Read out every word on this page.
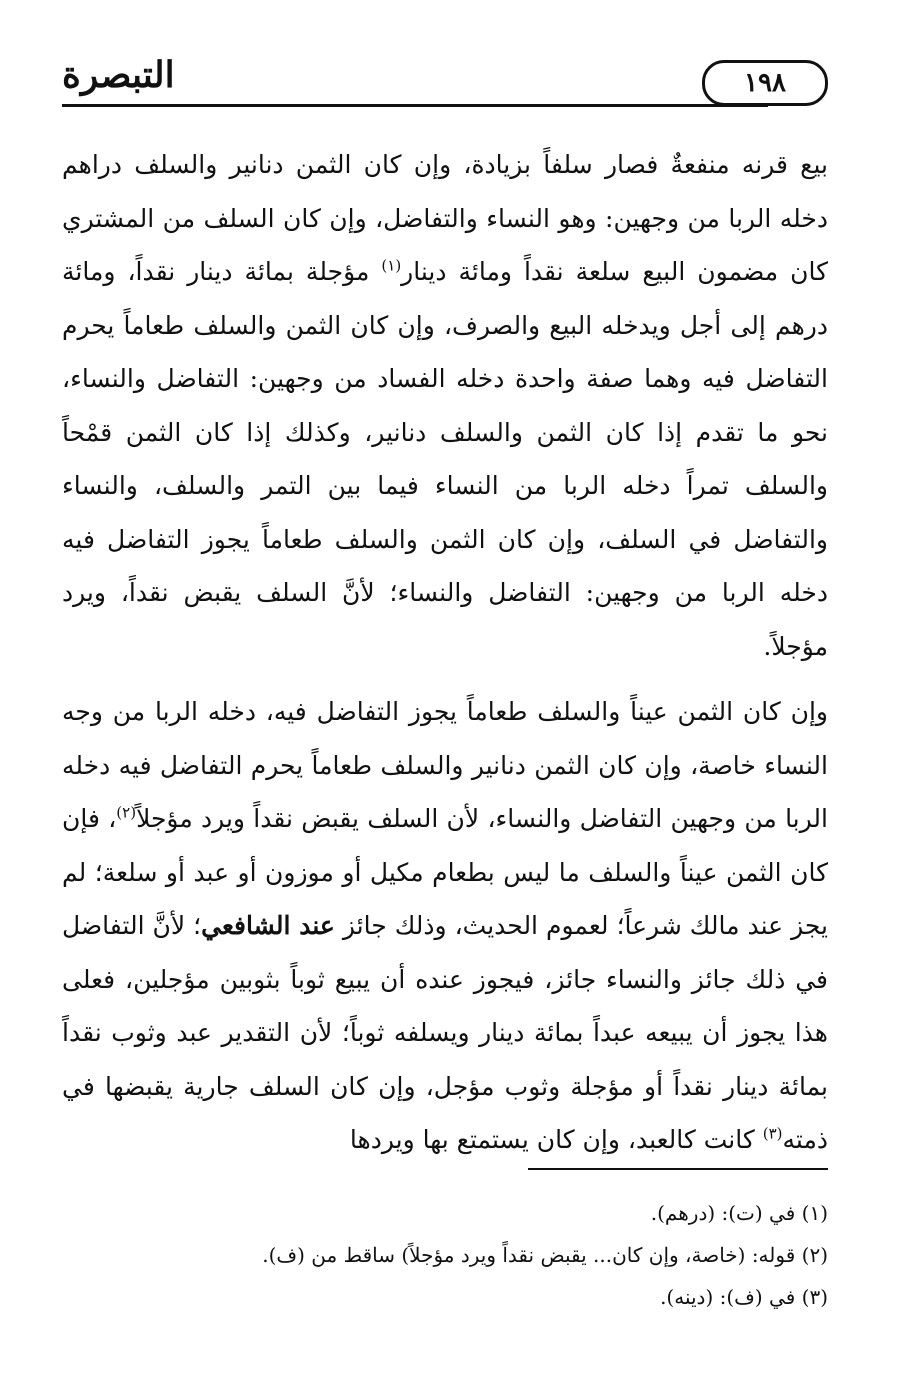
١٩٨
التبصرة

بيع قرنه منفعةٌ فصار سلفاً بزيادة، وإن كان الثمن دنانير والسلف دراهم دخله الربا من وجهين: وهو النساء والتفاضل، وإن كان السلف من المشتري كان مضمون البيع سلعة نقداً ومائة دينار$^{(١)}$ مؤجلة بمائة دينار نقداً، ومائة درهم إلى أجل ويدخله البيع والصرف، وإن كان الثمن والسلف طعاماً يحرم التفاضل فيه وهما صفة واحدة دخله الفساد من وجهين: التفاضل والنساء، نحو ما تقدم إذا كان الثمن والسلف دنانير، وكذلك إذا كان الثمن قمْحاً والسلف تمراً دخله الربا من النساء فيما بين التمر والسلف، والنساء والتفاضل في السلف، وإن كان الثمن والسلف طعاماً يجوز التفاضل فيه دخله الربا من وجهين: التفاضل والنساء؛ لأنَّ السلف يقبض نقداً، ويرد مؤجلاً.

وإن كان الثمن عيناً والسلف طعاماً يجوز التفاضل فيه، دخله الربا من وجه النساء خاصة، وإن كان الثمن دنانير والسلف طعاماً يحرم التفاضل فيه دخله الربا من وجهين التفاضل والنساء، لأن السلف يقبض نقداً ويرد مؤجلاً$^{(٢)}$، فإن كان الثمن عيناً والسلف ما ليس بطعام مكيل أو موزون أو عبد أو سلعة؛ لم يجز عند مالك شرعاً؛ لعموم الحديث، وذلك جائز عند الشافعي؛ لأنَّ التفاضل في ذلك جائز والنساء جائز، فيجوز عنده أن يبيع ثوباً بثوبين مؤجلين، فعلى هذا يجوز أن يبيعه عبداً بمائة دينار ويسلفه ثوباً؛ لأن التقدير عبد وثوب نقداً بمائة دينار نقداً أو مؤجلة وثوب مؤجل، وإن كان السلف جارية يقبضها في ذمته$^{(٣)}$ كانت كالعبد، وإن كان يستمتع بها ويردها

(١) في (ت): (درهم).

(٢) قوله: (خاصة، وإن كان... يقبض نقداً ويرد مؤجلاً) ساقط من (ف).

(٣) في (ف): (دينه).
